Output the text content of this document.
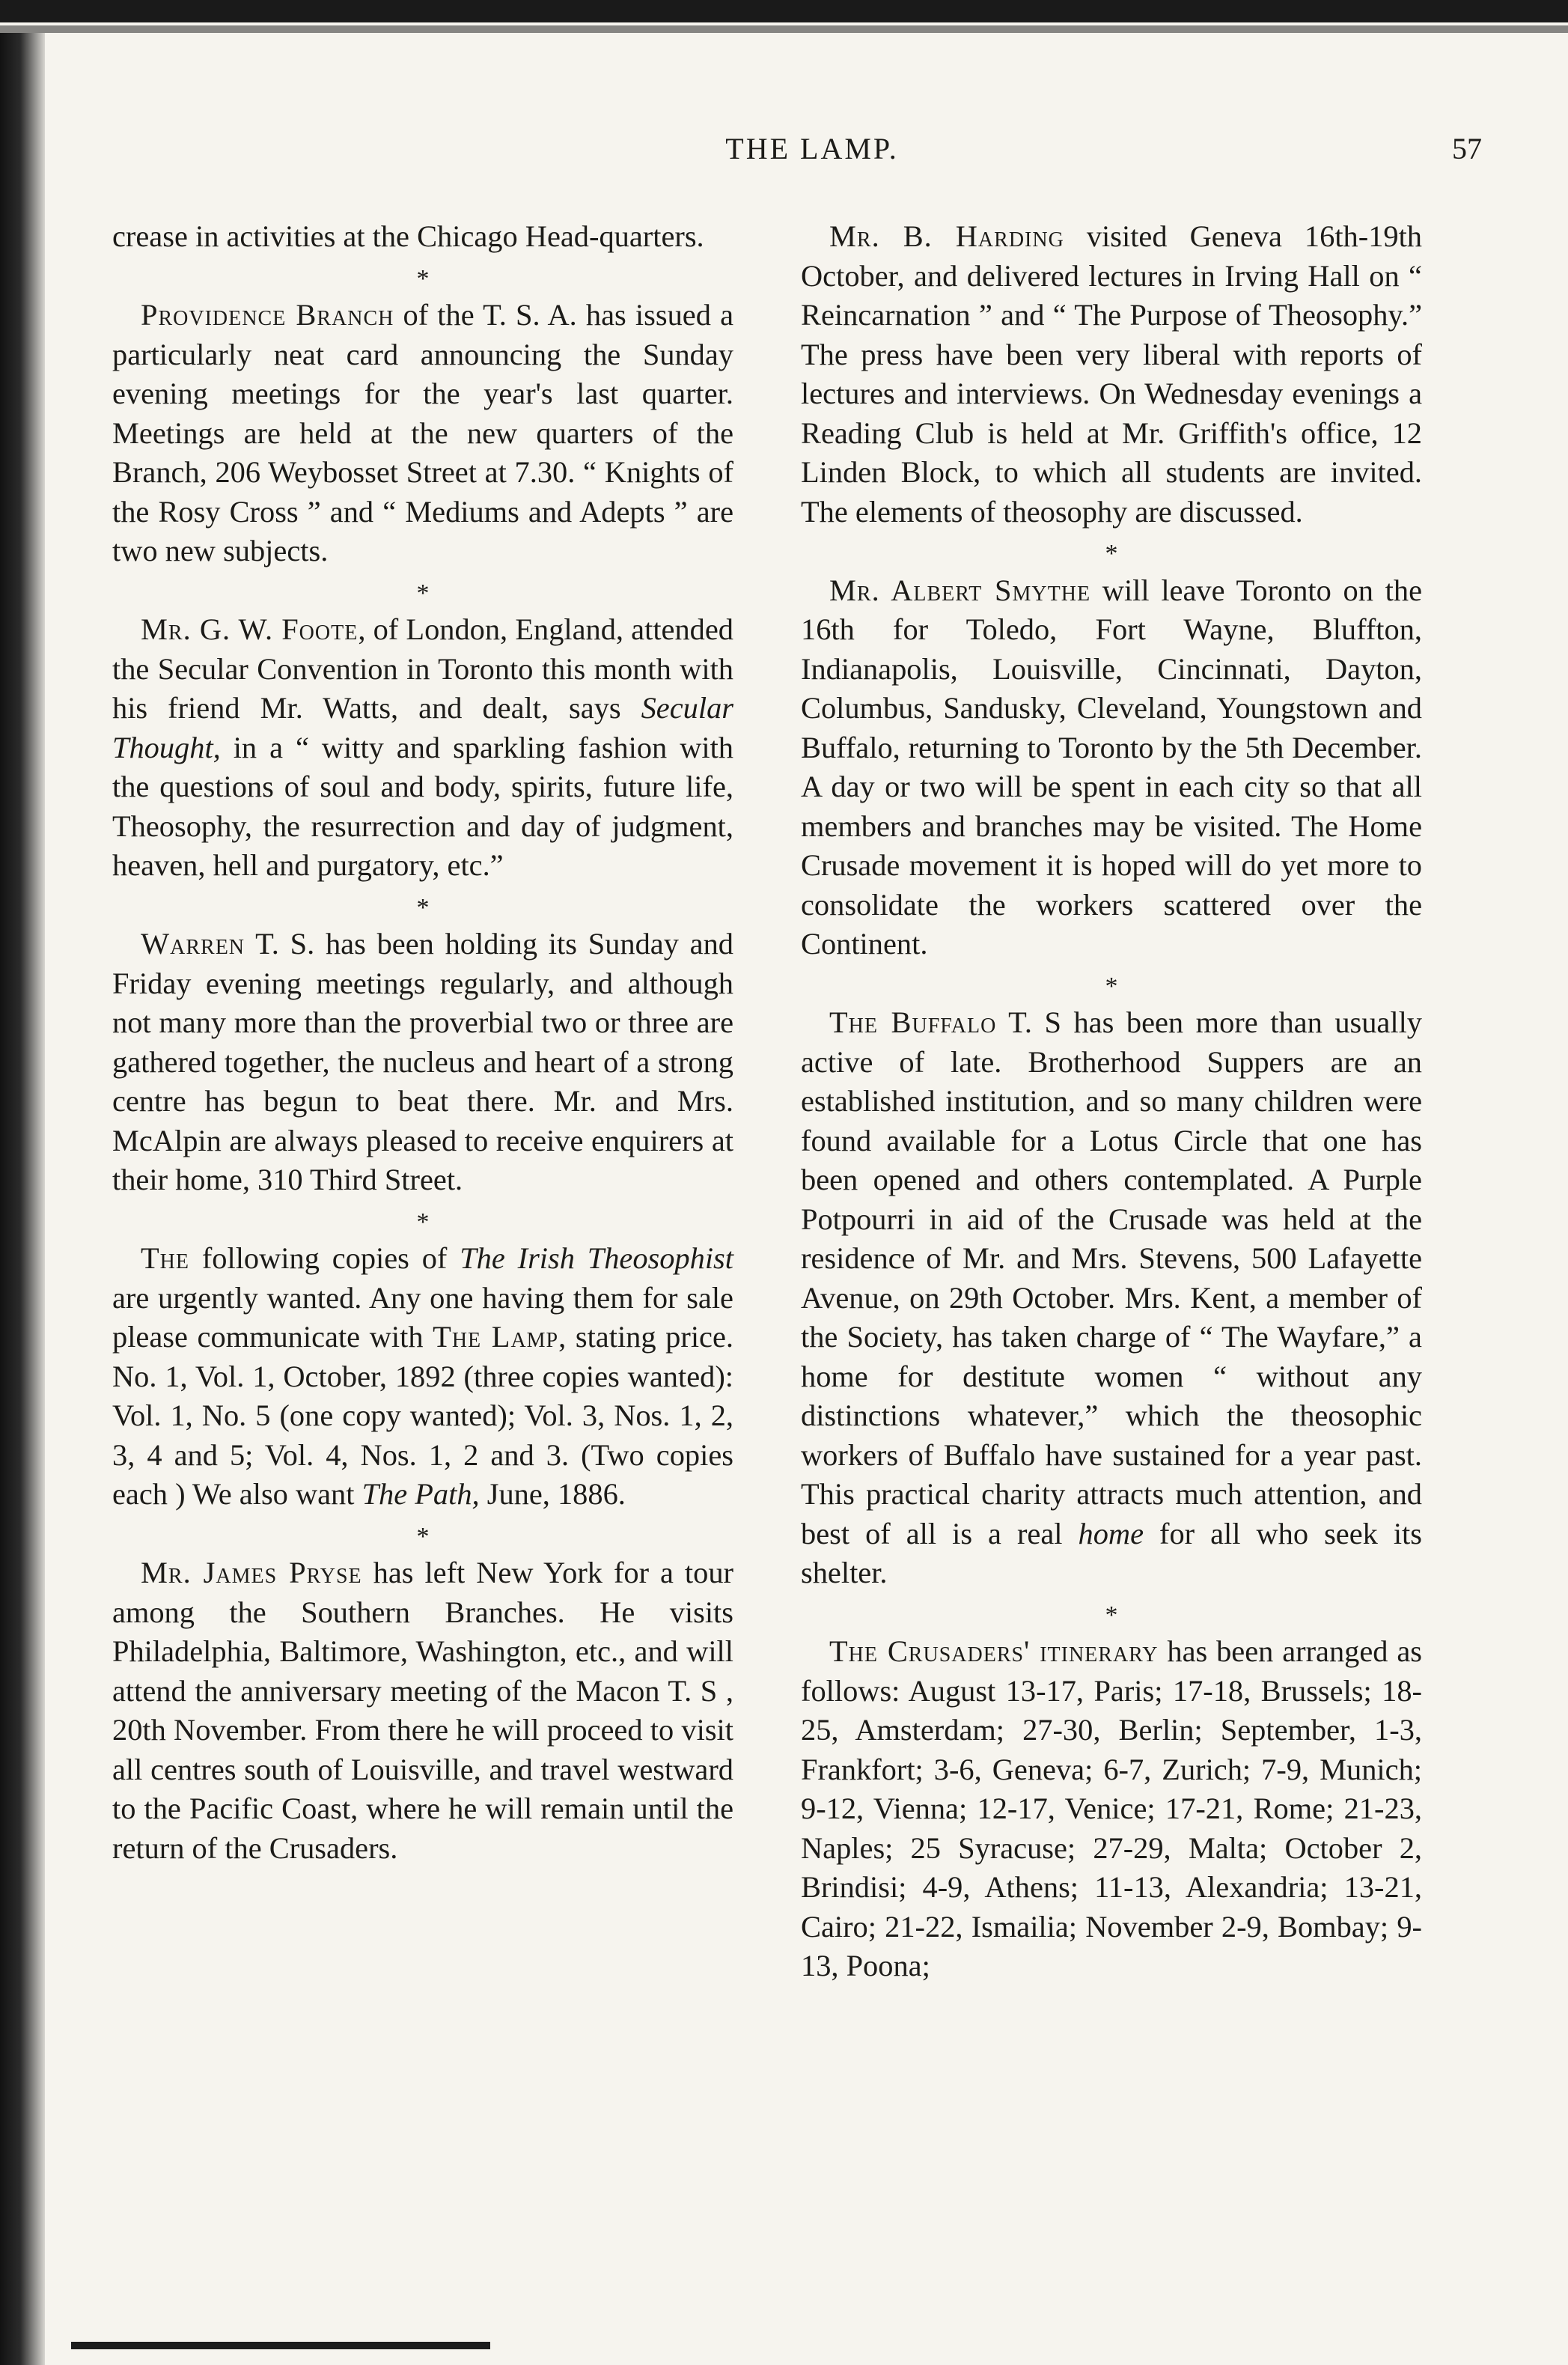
THE LAMP.	57

crease in activities at the Chicago Head-quarters.

*

Providence Branch of the T. S. A. has issued a particularly neat card announcing the Sunday evening meetings for the year's last quarter. Meetings are held at the new quarters of the Branch, 206 Weybosset Street at 7.30. “ Knights of the Rosy Cross ” and “ Mediums and Adepts ” are two new subjects.

*

Mr. G. W. Foote, of London, England, attended the Secular Convention in Toronto this month with his friend Mr. Watts, and dealt, says Secular Thought, in a “ witty and sparkling fashion with the questions of soul and body, spirits, future life, Theosophy, the resurrection and day of judgment, heaven, hell and purgatory, etc.”

*

Warren T. S. has been holding its Sunday and Friday evening meetings regularly, and although not many more than the proverbial two or three are gathered together, the nucleus and heart of a strong centre has begun to beat there. Mr. and Mrs. McAlpin are always pleased to receive enquirers at their home, 310 Third Street.

*

The following copies of The Irish Theosophist are urgently wanted. Any one having them for sale please communicate with The Lamp, stating price. No. 1, Vol. 1, October, 1892 (three copies wanted): Vol. 1, No. 5 (one copy wanted); Vol. 3, Nos. 1, 2, 3, 4 and 5; Vol. 4, Nos. 1, 2 and 3. (Two copies each ) We also want The Path, June, 1886.

*

Mr. James Pryse has left New York for a tour among the Southern Branches. He visits Philadelphia, Baltimore, Washington, etc., and will attend the anniversary meeting of the Macon T. S , 20th November. From there he will proceed to visit all centres south of Louisville, and travel westward to the Pacific Coast, where he will remain until the return of the Crusaders.

Mr. B. Harding visited Geneva 16th-19th October, and delivered lectures in Irving Hall on “ Reincarnation ” and “ The Purpose of Theosophy.” The press have been very liberal with reports of lectures and interviews. On Wednesday evenings a Reading Club is held at Mr. Griffith's office, 12 Linden Block, to which all students are invited. The elements of theosophy are discussed.

*

Mr. Albert Smythe will leave Toronto on the 16th for Toledo, Fort Wayne, Bluffton, Indianapolis, Louisville, Cincinnati, Dayton, Columbus, Sandusky, Cleveland, Youngstown and Buffalo, returning to Toronto by the 5th December. A day or two will be spent in each city so that all members and branches may be visited. The Home Crusade movement it is hoped will do yet more to consolidate the workers scattered over the Continent.

*

The Buffalo T. S has been more than usually active of late. Brotherhood Suppers are an established institution, and so many children were found available for a Lotus Circle that one has been opened and others contemplated. A Purple Potpourri in aid of the Crusade was held at the residence of Mr. and Mrs. Stevens, 500 Lafayette Avenue, on 29th October. Mrs. Kent, a member of the Society, has taken charge of “ The Wayfare,” a home for destitute women “ without any distinctions whatever,” which the theosophic workers of Buffalo have sustained for a year past. This practical charity attracts much attention, and best of all is a real home for all who seek its shelter.

*

The Crusaders' itinerary has been arranged as follows: August 13-17, Paris; 17-18, Brussels; 18-25, Amsterdam; 27-30, Berlin; September, 1-3, Frankfort; 3-6, Geneva; 6-7, Zurich; 7-9, Munich; 9-12, Vienna; 12-17, Venice; 17-21, Rome; 21-23, Naples; 25 Syracuse; 27-29, Malta; October 2, Brindisi; 4-9, Athens; 11-13, Alexandria; 13-21, Cairo; 21-22, Ismailia; November 2-9, Bombay; 9-13, Poona;
